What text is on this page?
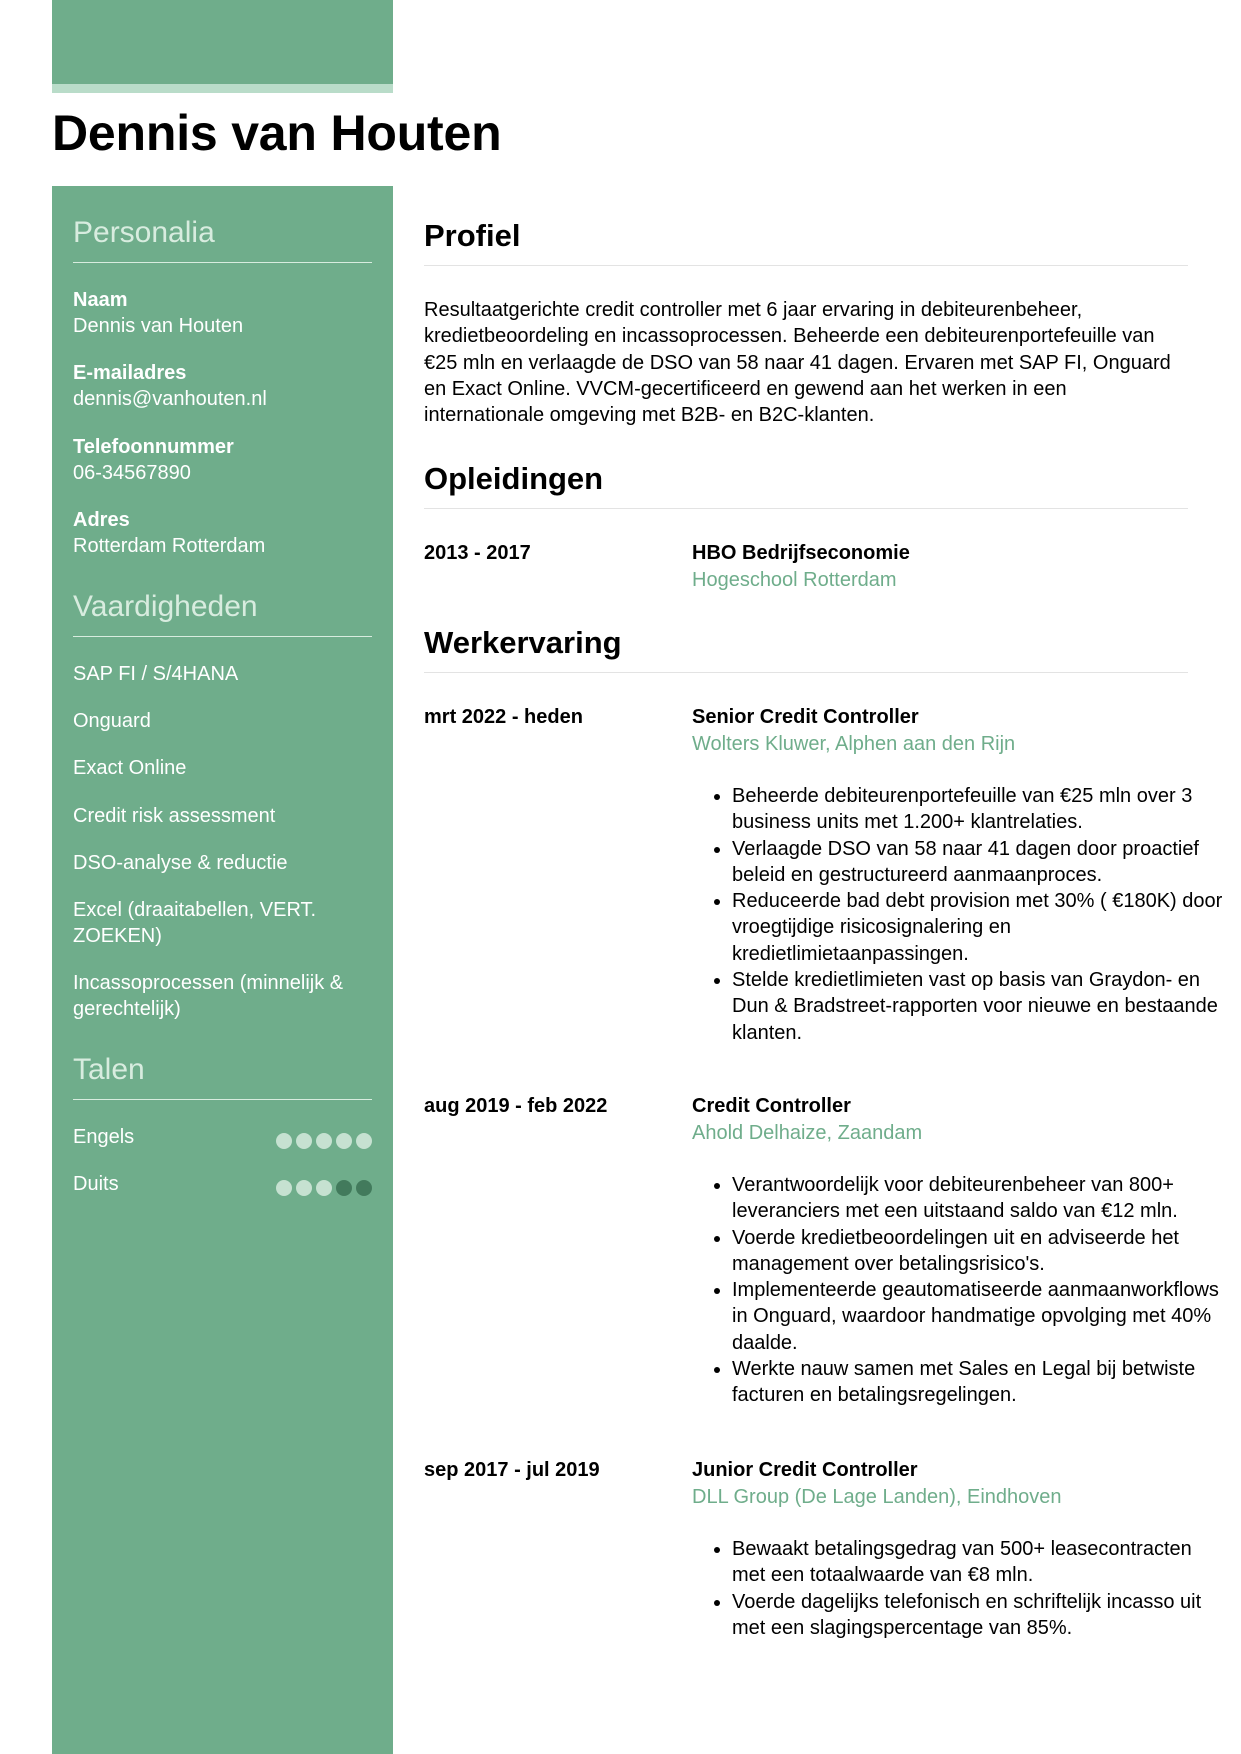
Dennis van Houten
Personalia
Naam
Dennis van Houten
E-mailadres
dennis@vanhouten.nl
Telefoonnummer
06-34567890
Adres
Rotterdam Rotterdam
Vaardigheden
SAP FI / S/4HANA
Onguard
Exact Online
Credit risk assessment
DSO-analyse & reductie
Excel (draaitabellen, VERT. ZOEKEN)
Incassoprocessen (minnelijk & gerechtelijk)
Talen
Engels
Duits
Profiel
Resultaatgerichte credit controller met 6 jaar ervaring in debiteurenbeheer, kredietbeoordeling en incassoprocessen. Beheerde een debiteurenportefeuille van €25 mln en verlaagde de DSO van 58 naar 41 dagen. Ervaren met SAP FI, Onguard en Exact Online. VVCM-gecertificeerd en gewend aan het werken in een internationale omgeving met B2B- en B2C-klanten.
Opleidingen
2013 - 2017	HBO Bedrijfseconomie
Hogeschool Rotterdam
Werkervaring
mrt 2022 - heden	Senior Credit Controller
Wolters Kluwer, Alphen aan den Rijn
• Beheerde debiteurenportefeuille van €25 mln over 3 business units met 1.200+ klantrelaties.
• Verlaagde DSO van 58 naar 41 dagen door proactief beleid en gestructureerd aanmaanproces.
• Reduceerde bad debt provision met 30% ( €180K) door vroegtijdige risicosignalering en kredietlimietaanpassingen.
• Stelde kredietlimieten vast op basis van Graydon- en Dun & Bradstreet-rapporten voor nieuwe en bestaande klanten.
aug 2019 - feb 2022	Credit Controller
Ahold Delhaize, Zaandam
• Verantwoordelijk voor debiteurenbeheer van 800+ leveranciers met een uitstaand saldo van €12 mln.
• Voerde kredietbeoordelingen uit en adviseerde het management over betalingsrisico's.
• Implementeerde geautomatiseerde aanmaanworkflows in Onguard, waardoor handmatige opvolging met 40% daalde.
• Werkte nauw samen met Sales en Legal bij betwiste facturen en betalingsregelingen.
sep 2017 - jul 2019	Junior Credit Controller
DLL Group (De Lage Landen), Eindhoven
• Bewaakt betalingsgedrag van 500+ leasecontracten met een totaalwaarde van €8 mln.
• Voerde dagelijks telefonisch en schriftelijk incasso uit met een slagingspercentage van 85%.
